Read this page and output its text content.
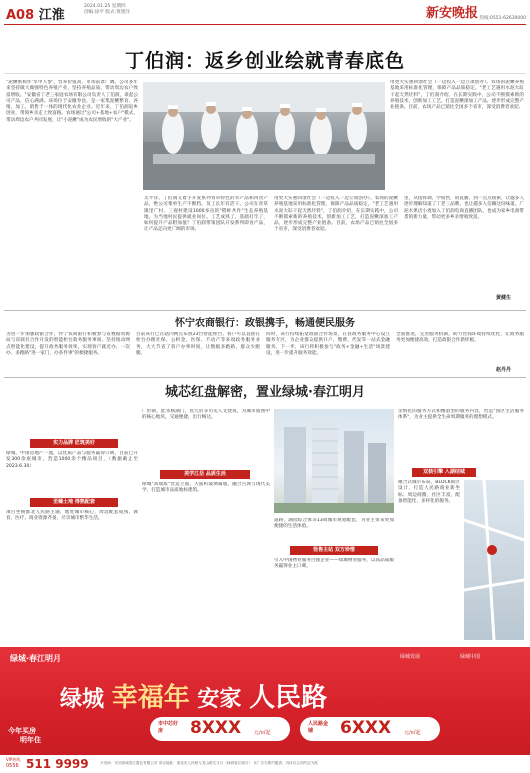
A08 江淮
2024.01.25 星期四
创编:徐平 版式:黄建洋	新安晚报 热线:0551-62639000
丁伯润：返乡创业绘就青春底色
"泥鳅被称作'水中人参'，营养价值高、市场前景广阔。公司多年来坚持做大做强特色养殖产业，坚持养殖品质，带动周边农户致富增收。"安徽省丁老三家庭农场有限公司负责人丁伯润，谈起公司产品，信心满满。该场位于安徽寿县，是一家集泥鳅繁育、养殖、加工、销售于一体的现代化农业企业。近年来，丁伯润返乡创业，带领乡亲走上致富路。农场通过"公司+基地+农户"模式，带动周边农户共同发展，让"小泥鳅"成为农民增收的"大产业"。
用更大实惠回馈社会（一边投入一边立项创办）。农场的泥鳅养殖基地采用标准化管理，保障产品品质稳定。"老工艺遇用水泥大缸干起天然坯料"，丁伯润介绍，在长期实践中，公司不断摸索新的养殖技术，创新加工工艺，打造泥鳅深加工产品，逐步形成完整产业链条。目前，农场产品已销往全国多个省市，深受消费者欢迎。
太平洋。丁伯润又着手开发系列青草特色的水产品和肉食产品，绝公司菜单生产不断档。员工长年有活干。公司在青草镇里广村、三观村建设1000多亩的"稻虾共作"生态养殖基地，为当地村民提供就业岗位。工艺成熟了，基础打牢了，如何提升产品附加值？丁伯润带领团队开发系列即食产品，让产品走向更广阔的市场。
用更大实惠回馈社会（一边投入一边立项创办）。农场的泥鳅养殖基地采用标准化管理，保障产品品质稳定。"老工艺遇用水泥大缸干起天然坯料"，丁伯润介绍，在长期实践中，公司不断摸索新的养殖技术，创新加工工艺，打造泥鳅深加工产品，逐步形成完整产业链条。目前，农场产品已销往全国多个省市，深受消费者欢迎。
里，从指挥调、学销售，故直播，到一点点摸索，让越多人逐步理解知道了丁老三品牌，也让越多人信赖这份味道。广泥水果店小麦加入丁伯润电商直播团队，也成为家乡电商带货的新力量，带动更多乡亲增收致富。
黄健生
怀宁农商银行：政银携手，畅通便民服务
为进一步加强政银合作，怀宁农商银行积极参与省数据资源局与省联社合作开发的智能柜台政务服务事项，坚持推动网点智能化建设，提升政务服务效率，实现客户就近办、一次办、多跑路"进一家门，办多件事"的便捷服务。
目前该行已在辖内网点布放23台智能柜台，客户可以直接在柜台办理社保、公积金、医保、不动产等多项政务服务业务，大大节省了客户办事时间，让数据多跑路，群众少跑腿。
同时，该行持续拓宽政银合作场景，在县政务服务中心设立服务专区，为企业群众提供开户、缴费、代发等一站式金融服务。下一步，该行将积极参与"政务+金融+生活"场景建设，进一步提升服务效能。
全面推进，完善服务机制，助力营商环境持续优化，让政务服务更加便捷高效，打造政银合作新样板。
赵丹丹
城芯红盘解密，置业绿城·春江明月
实力品牌 匠筑美好
绿城，中国房地产一流，以优质产品与服务赢得口碑，目前已开发300余座城市，营造1000余个精品项目，（数据截止至2023.6.30）
至臻土地 得熟配套
项目坐拥淮北人民路主轴，地处城市核心，周边配套成熟，教育、医疗、商业资源齐备，尽享城市繁华生活。
厂形制，此邻杨湖门，优元府等历史人文建筑，为城市版图中的核心地块，交通便捷，出行畅达。
美学江岳 品质生活
绿城"高端质"营造立面、大面积玻璃幕墙，融合古典与现代美学，打造城市品质地标建筑。
道路，湖园综合体等13项城市规划配套，为业主带来更加便捷的生活体验。
怪售主站 双方珍惜
引入中国物业服务百强企业——绿城物业服务，以高品质服务赢得业主口碑。
亲情化的服务方式和精湛型的服务内容，营造"园区生活服务体系"，为业主提供全生命周期服务的理想模式。
双核引擎 入湖结城
聚合式城市布局，BLOCK街区设计，打造人民路商业新坐标；周边商圈，社区丰富，配备智能化、多样化的服务。
绿城·春江明月	绿城发展	绿城中国
绿城 幸福年 安家 人民路
市中芯好房	8XXX	元/㎡起
人民路金铺	6XXX	元/㎡起
今年买房
明年住
VIP热线
0556 511 9999	开发商：安庆绿城春江置业有限公司 项目地址：淮北市人民路与龙山路交叉口（绿城春江明月） 本广告为要约邀请，具体以合同约定为准
